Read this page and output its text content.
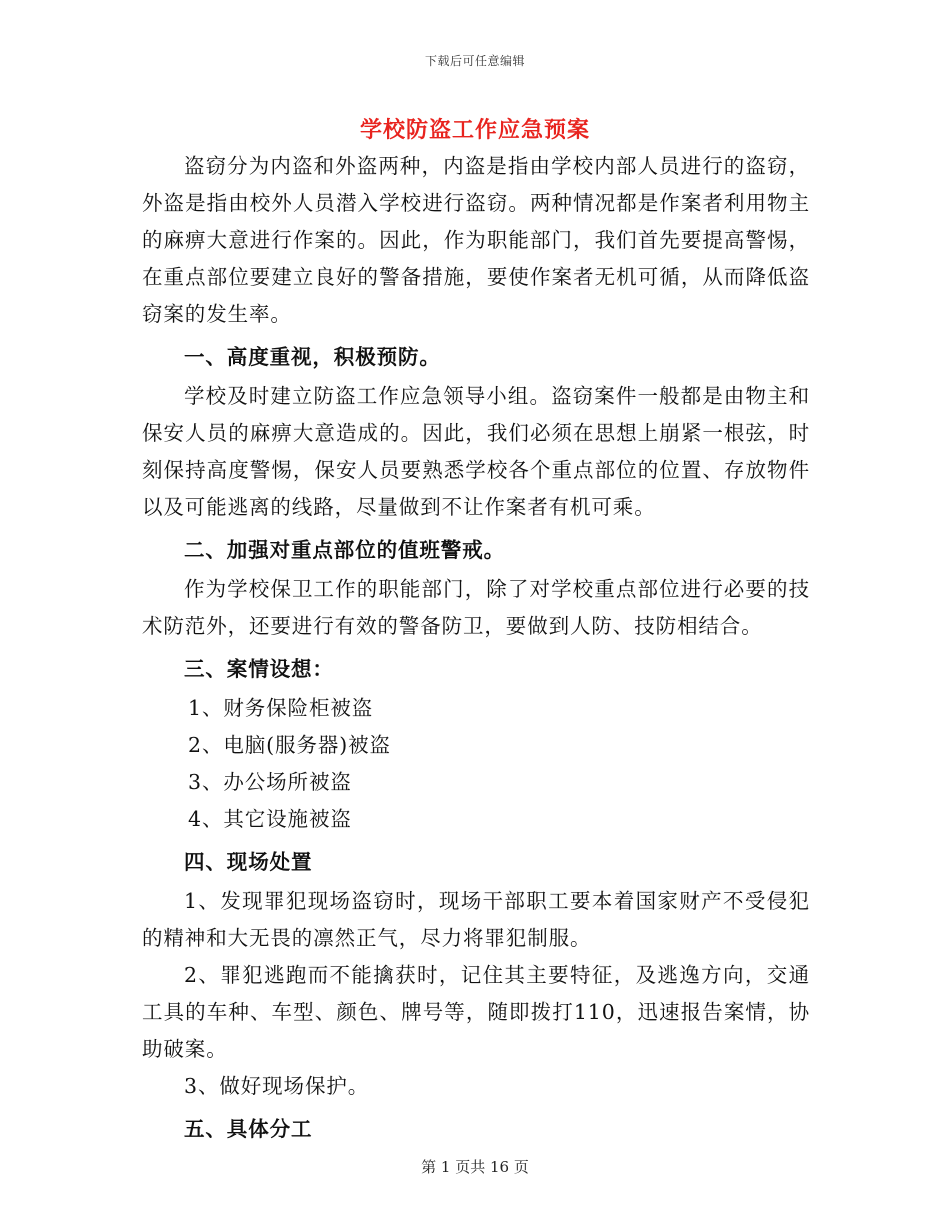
下载后可任意编辑
学校防盗工作应急预案

盗窃分为内盗和外盗两种，内盗是指由学校内部人员进行的盗窃，外盗是指由校外人员潜入学校进行盗窃。两种情况都是作案者利用物主的麻痹大意进行作案的。因此，作为职能部门，我们首先要提高警惕，在重点部位要建立良好的警备措施，要使作案者无机可循，从而降低盗窃案的发生率。

一、高度重视，积极预防。

学校及时建立防盗工作应急领导小组。盗窃案件一般都是由物主和保安人员的麻痹大意造成的。因此，我们必须在思想上崩紧一根弦，时刻保持高度警惕，保安人员要熟悉学校各个重点部位的位置、存放物件以及可能逃离的线路，尽量做到不让作案者有机可乘。

二、加强对重点部位的值班警戒。

作为学校保卫工作的职能部门，除了对学校重点部位进行必要的技术防范外，还要进行有效的警备防卫，要做到人防、技防相结合。

三、案情设想：

1、财务保险柜被盗

2、电脑(服务器)被盗

3、办公场所被盗

4、其它设施被盗

四、现场处置

1、发现罪犯现场盗窃时，现场干部职工要本着国家财产不受侵犯的精神和大无畏的凛然正气，尽力将罪犯制服。

2、罪犯逃跑而不能擒获时，记住其主要特征，及逃逸方向，交通工具的车种、车型、颜色、牌号等，随即拨打110，迅速报告案情，协助破案。

3、做好现场保护。

五、具体分工

第 1 页共 16 页
